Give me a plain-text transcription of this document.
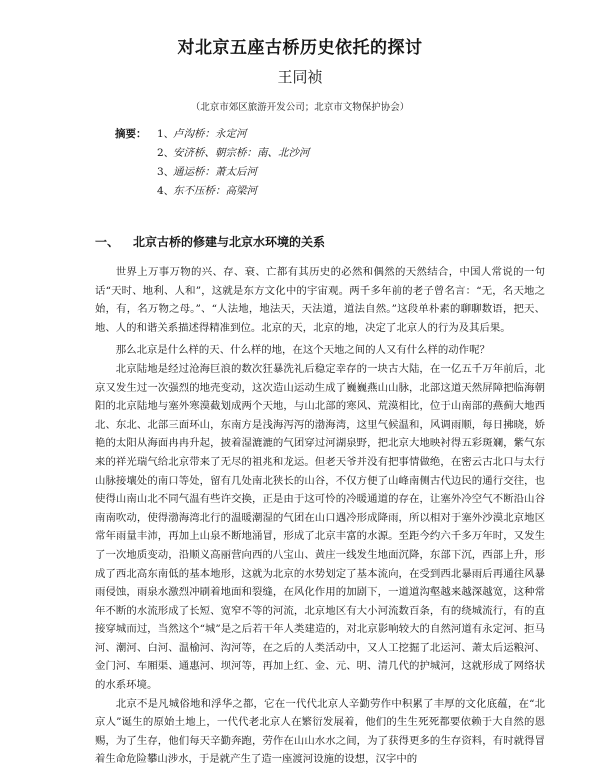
对北京五座古桥历史依托的探讨
王同祯
（北京市郊区旅游开发公司；北京市文物保护协会）
摘要： 1、卢沟桥：永定河
2、安济桥、朝宗桥：南、北沙河
3、通运桥：萧太后河
4、东不压桥：高梁河
一、 北京古桥的修建与北京水环境的关系

世界上万事万物的兴、存、衰、亡都有其历史的必然和偶然的天然结合，中国人常说的一句话“天时、地利、人和”，这就是东方文化中的宇宙观。两千多年前的老子曾名言：“无，名天地之始，有，名万物之母。”、“人法地，地法天，天法道，道法自然。”这段单朴素的聊聊数语，把天、地、人的和谐关系描述得精准到位。北京的天，北京的地，决定了北京人的行为及其后果。

那么北京是什么样的天、什么样的地，在这个天地之间的人又有什么样的动作呢？

北京陆地是经过沧海巨浪的数次狂暴洗礼后稳定幸存的一块古大陆，在一亿五千万年前后，北京又发生过一次强烈的地壳变动，这次造山运动生成了巍巍燕山山脉，北部这道天然屏障把临海朝阳的北京陆地与塞外寒漠截划成两个天地，与山北部的寒风、荒漠相比，位于山南部的燕蓟大地西北、东北、北部三面环山，东南方是浅海泻泻的渤海湾，这里气候温和，风调雨顺，每日拂晓，娇艳的太阳从海面冉冉升起，披着湿漉漉的气团穿过河湖泉野，把北京大地映衬得五彩斑斓，紫气东来的祥光瑞气给北京带来了无尽的祖兆和龙运。但老天爷并没有把事情做绝，在密云古北口与太行山脉接壤处的南口等处，留有几处南北狭长的山谷，不仅方便了山峰南侧古代边民的通行交往，也使得山南山北不同气温有些许交换，正是由于这可怜的冷暖通道的存在，让塞外冷空气不断沿山谷南南吹动，使得渤海湾北行的温暖潮湿的气团在山口遇冷形成降雨，所以相对于塞外沙漠北京地区常年雨量丰沛，再加上山泉不断地涌冒，形成了北京丰富的水源。至距今约六千多万年时，又发生了一次地质变动，沿顺义高丽营向西的八宝山、黄庄一线发生地面沉降，东部下沉，西部上升，形成了西北高东南低的基本地形，这就为北京的水势划定了基本流向，在受到西北暴雨后再通往风暴雨侵蚀，雨泉水激烈冲刷着地面和裂缝，在风化作用的加剧下，一道道沟壑越来越深越宽，这种常年不断的水流形成了长短、宽窄不等的河流，北京地区有大小河流数百条，有的绕城流行，有的直接穿城而过，当然这个“城”是之后若干年人类建造的，对北京影响较大的自然河道有永定河、拒马河、潮河、白河、温榆河、沟河等，在之后的人类活动中，又人工挖掘了北运河、萧太后运粮河、金门河、车厢渠、通惠河、坝河等，再加上红、金、元、明、清几代的护城河，这就形成了网络状的水系环境。

北京不是凡城俗地和浮华之都，它在一代代北京人辛勤劳作中积累了丰厚的文化底蕴，在“北京人”诞生的原始土地上，一代代老北京人在繁衍发展着，他们的生生死死都要依赖于大自然的恩赐，为了生存，他们每天辛勤奔跑，劳作在山山水水之间，为了获得更多的生存资料，有时就得冒着生命危险攀山涉水，于是就产生了造一座渡河设施的设想，汉字中的
